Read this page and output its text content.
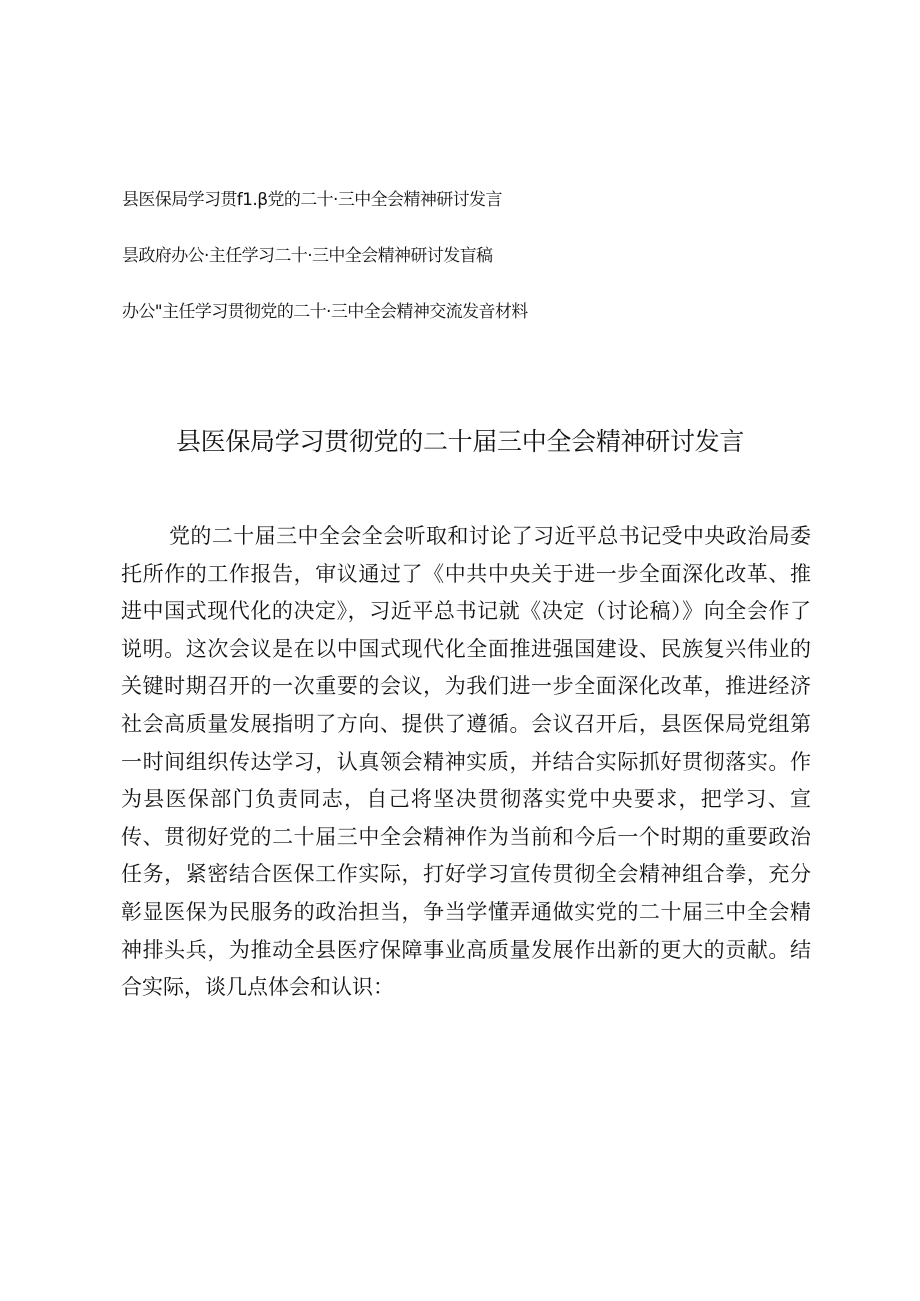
县医保局学习贯f1.β党的二十·三中全会精神研讨发言
昙政府办公·主任学习二十·三中全会精神研讨发盲稿
办公"主任学习贯彻党的二十·三中全会精神交流发音材料
县医保局学习贯彻党的二十届三中全会精神研讨发言

党的二十届三中全会全会听取和讨论了习近平总书记受中央政治局委托所作的工作报告，审议通过了《中共中央关于进一步全面深化改革、推进中国式现代化的决定》，习近平总书记就《决定（讨论稿）》向全会作了说明。这次会议是在以中国式现代化全面推进强国建设、民族复兴伟业的关键时期召开的一次重要的会议，为我们进一步全面深化改革，推进经济社会高质量发展指明了方向、提供了遵循。会议召开后，县医保局党组第一时间组织传达学习，认真领会精神实质，并结合实际抓好贯彻落实。作为县医保部门负责同志，自己将坚决贯彻落实党中央要求，把学习、宣传、贯彻好党的二十届三中全会精神作为当前和今后一个时期的重要政治任务，紧密结合医保工作实际，打好学习宣传贯彻全会精神组合拳，充分彰显医保为民服务的政治担当，争当学懂弄通做实党的二十届三中全会精神排头兵，为推动全县医疗保障事业高质量发展作出新的更大的贡献。结合实际，谈几点体会和认识：
